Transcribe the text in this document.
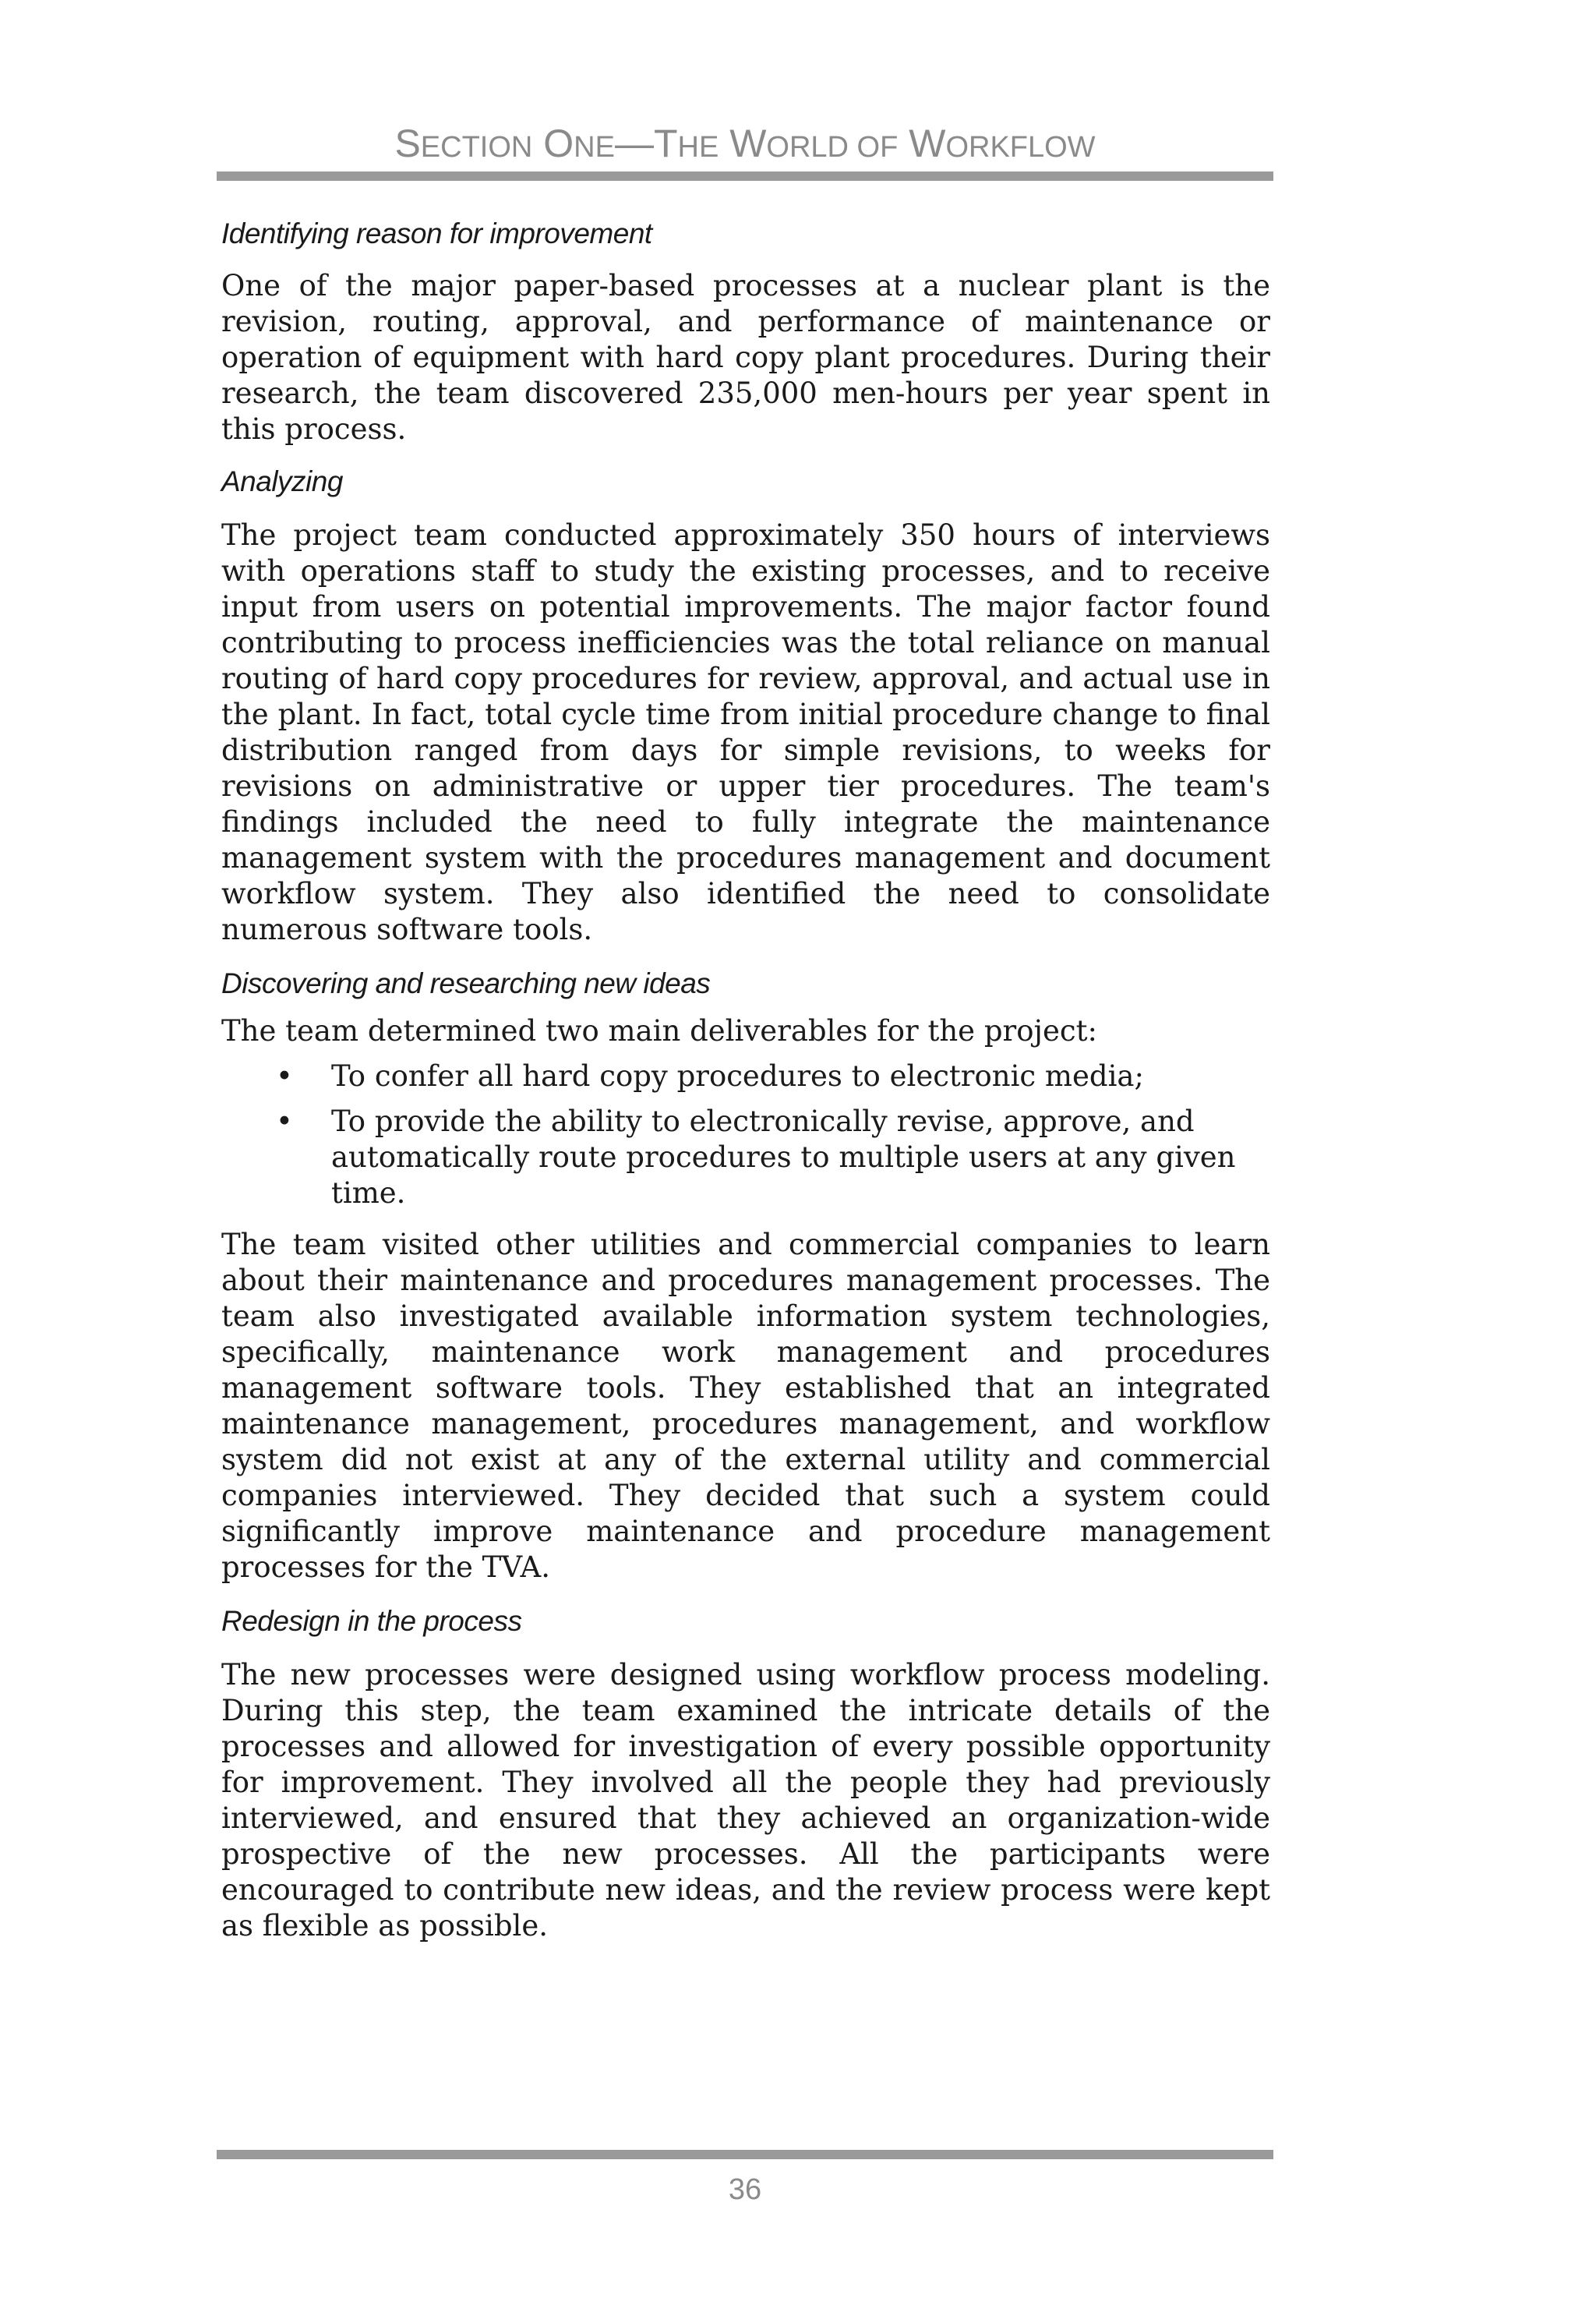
SECTION ONE—THE WORLD OF WORKFLOW

Identifying reason for improvement

One of the major paper-based processes at a nuclear plant is the revision, routing, approval, and performance of maintenance or operation of equipment with hard copy plant procedures. During their research, the team discovered 235,000 men-hours per year spent in this process.

Analyzing

The project team conducted approximately 350 hours of interviews with operations staff to study the existing processes, and to receive input from users on potential improvements. The major factor found contributing to process inefficiencies was the total reliance on manual routing of hard copy procedures for review, approval, and actual use in the plant. In fact, total cycle time from initial procedure change to final distribution ranged from days for simple revisions, to weeks for revisions on administrative or upper tier procedures. The team's findings included the need to fully integrate the maintenance management system with the procedures management and document workflow system. They also identified the need to consolidate numerous software tools.

Discovering and researching new ideas

The team determined two main deliverables for the project:

• To confer all hard copy procedures to electronic media;
• To provide the ability to electronically revise, approve, and automatically route procedures to multiple users at any given time.

The team visited other utilities and commercial companies to learn about their maintenance and procedures management processes. The team also investigated available information system technologies, specifically, maintenance work management and procedures management software tools. They established that an integrated maintenance management, procedures management, and workflow system did not exist at any of the external utility and commercial companies interviewed. They decided that such a system could significantly improve maintenance and procedure management processes for the TVA.

Redesign in the process

The new processes were designed using workflow process modeling. During this step, the team examined the intricate details of the processes and allowed for investigation of every possible opportunity for improvement. They involved all the people they had previously interviewed, and ensured that they achieved an organization-wide prospective of the new processes. All the participants were encouraged to contribute new ideas, and the review process were kept as flexible as possible.

36
